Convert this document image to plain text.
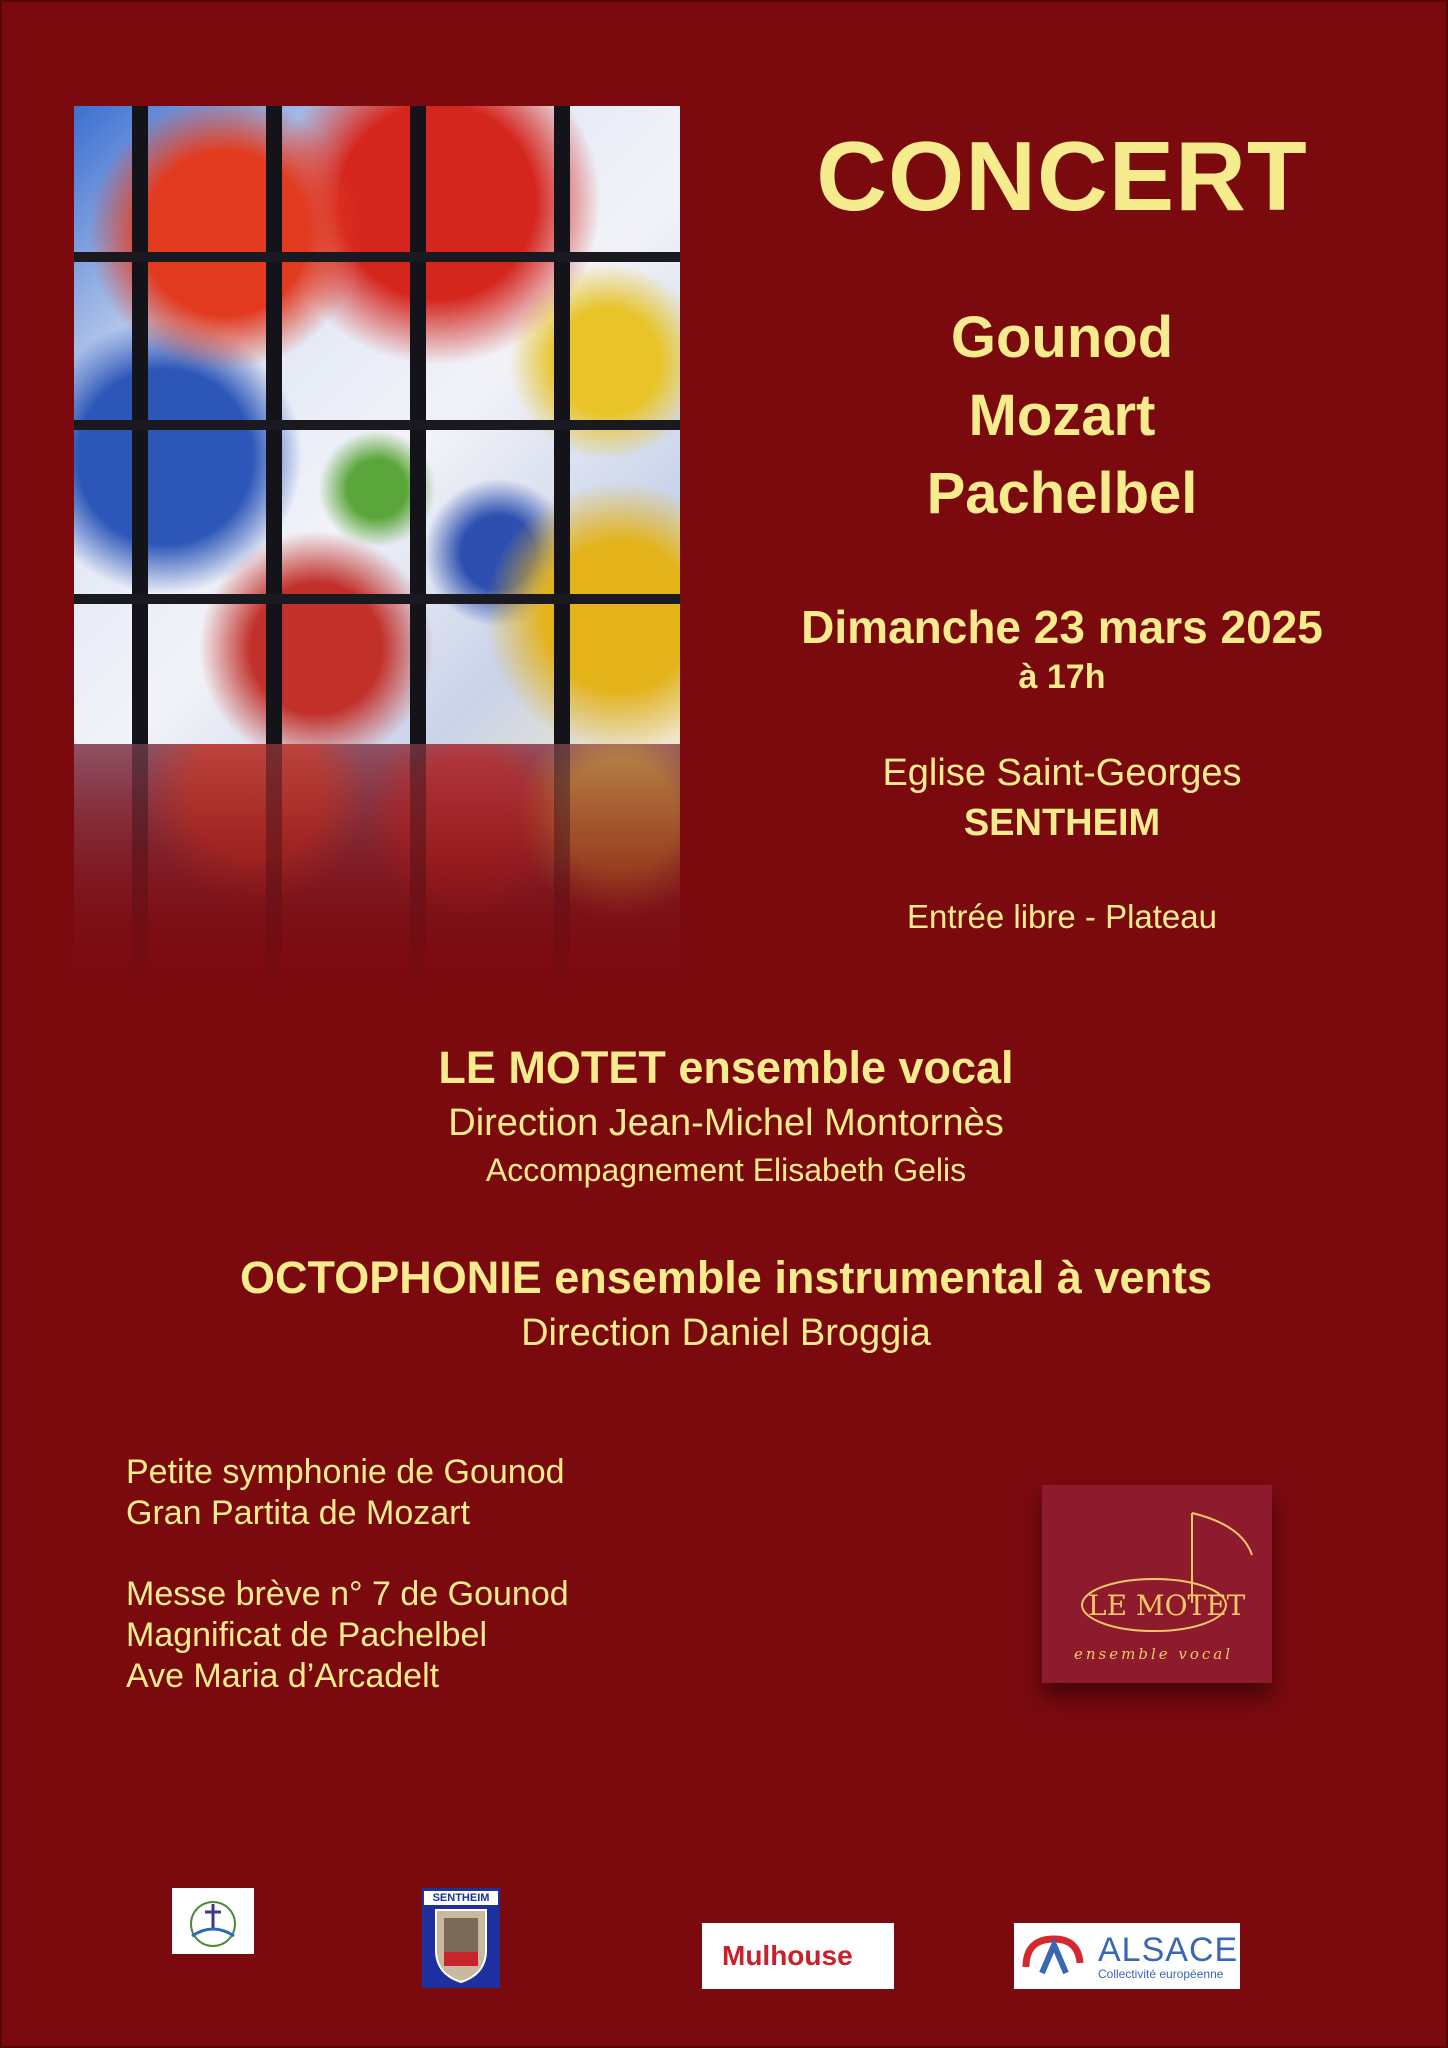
CONCERT
Gounod
Mozart
Pachelbel
Dimanche 23 mars 2025
à 17h
Eglise Saint-Georges
SENTHEIM
Entrée libre - Plateau
LE MOTET ensemble vocal
Direction Jean-Michel Montornès
Accompagnement Elisabeth Gelis
OCTOPHONIE ensemble instrumental à vents
Direction Daniel Broggia
Petite symphonie de Gounod
Gran Partita de Mozart
Messe brève n° 7 de Gounod
Magnificat de Pachelbel
Ave Maria d’Arcadelt
LE MOTET
ensemble vocal
SENTHEIM
Mulhouse	ALSACE
Collectivité européenne
